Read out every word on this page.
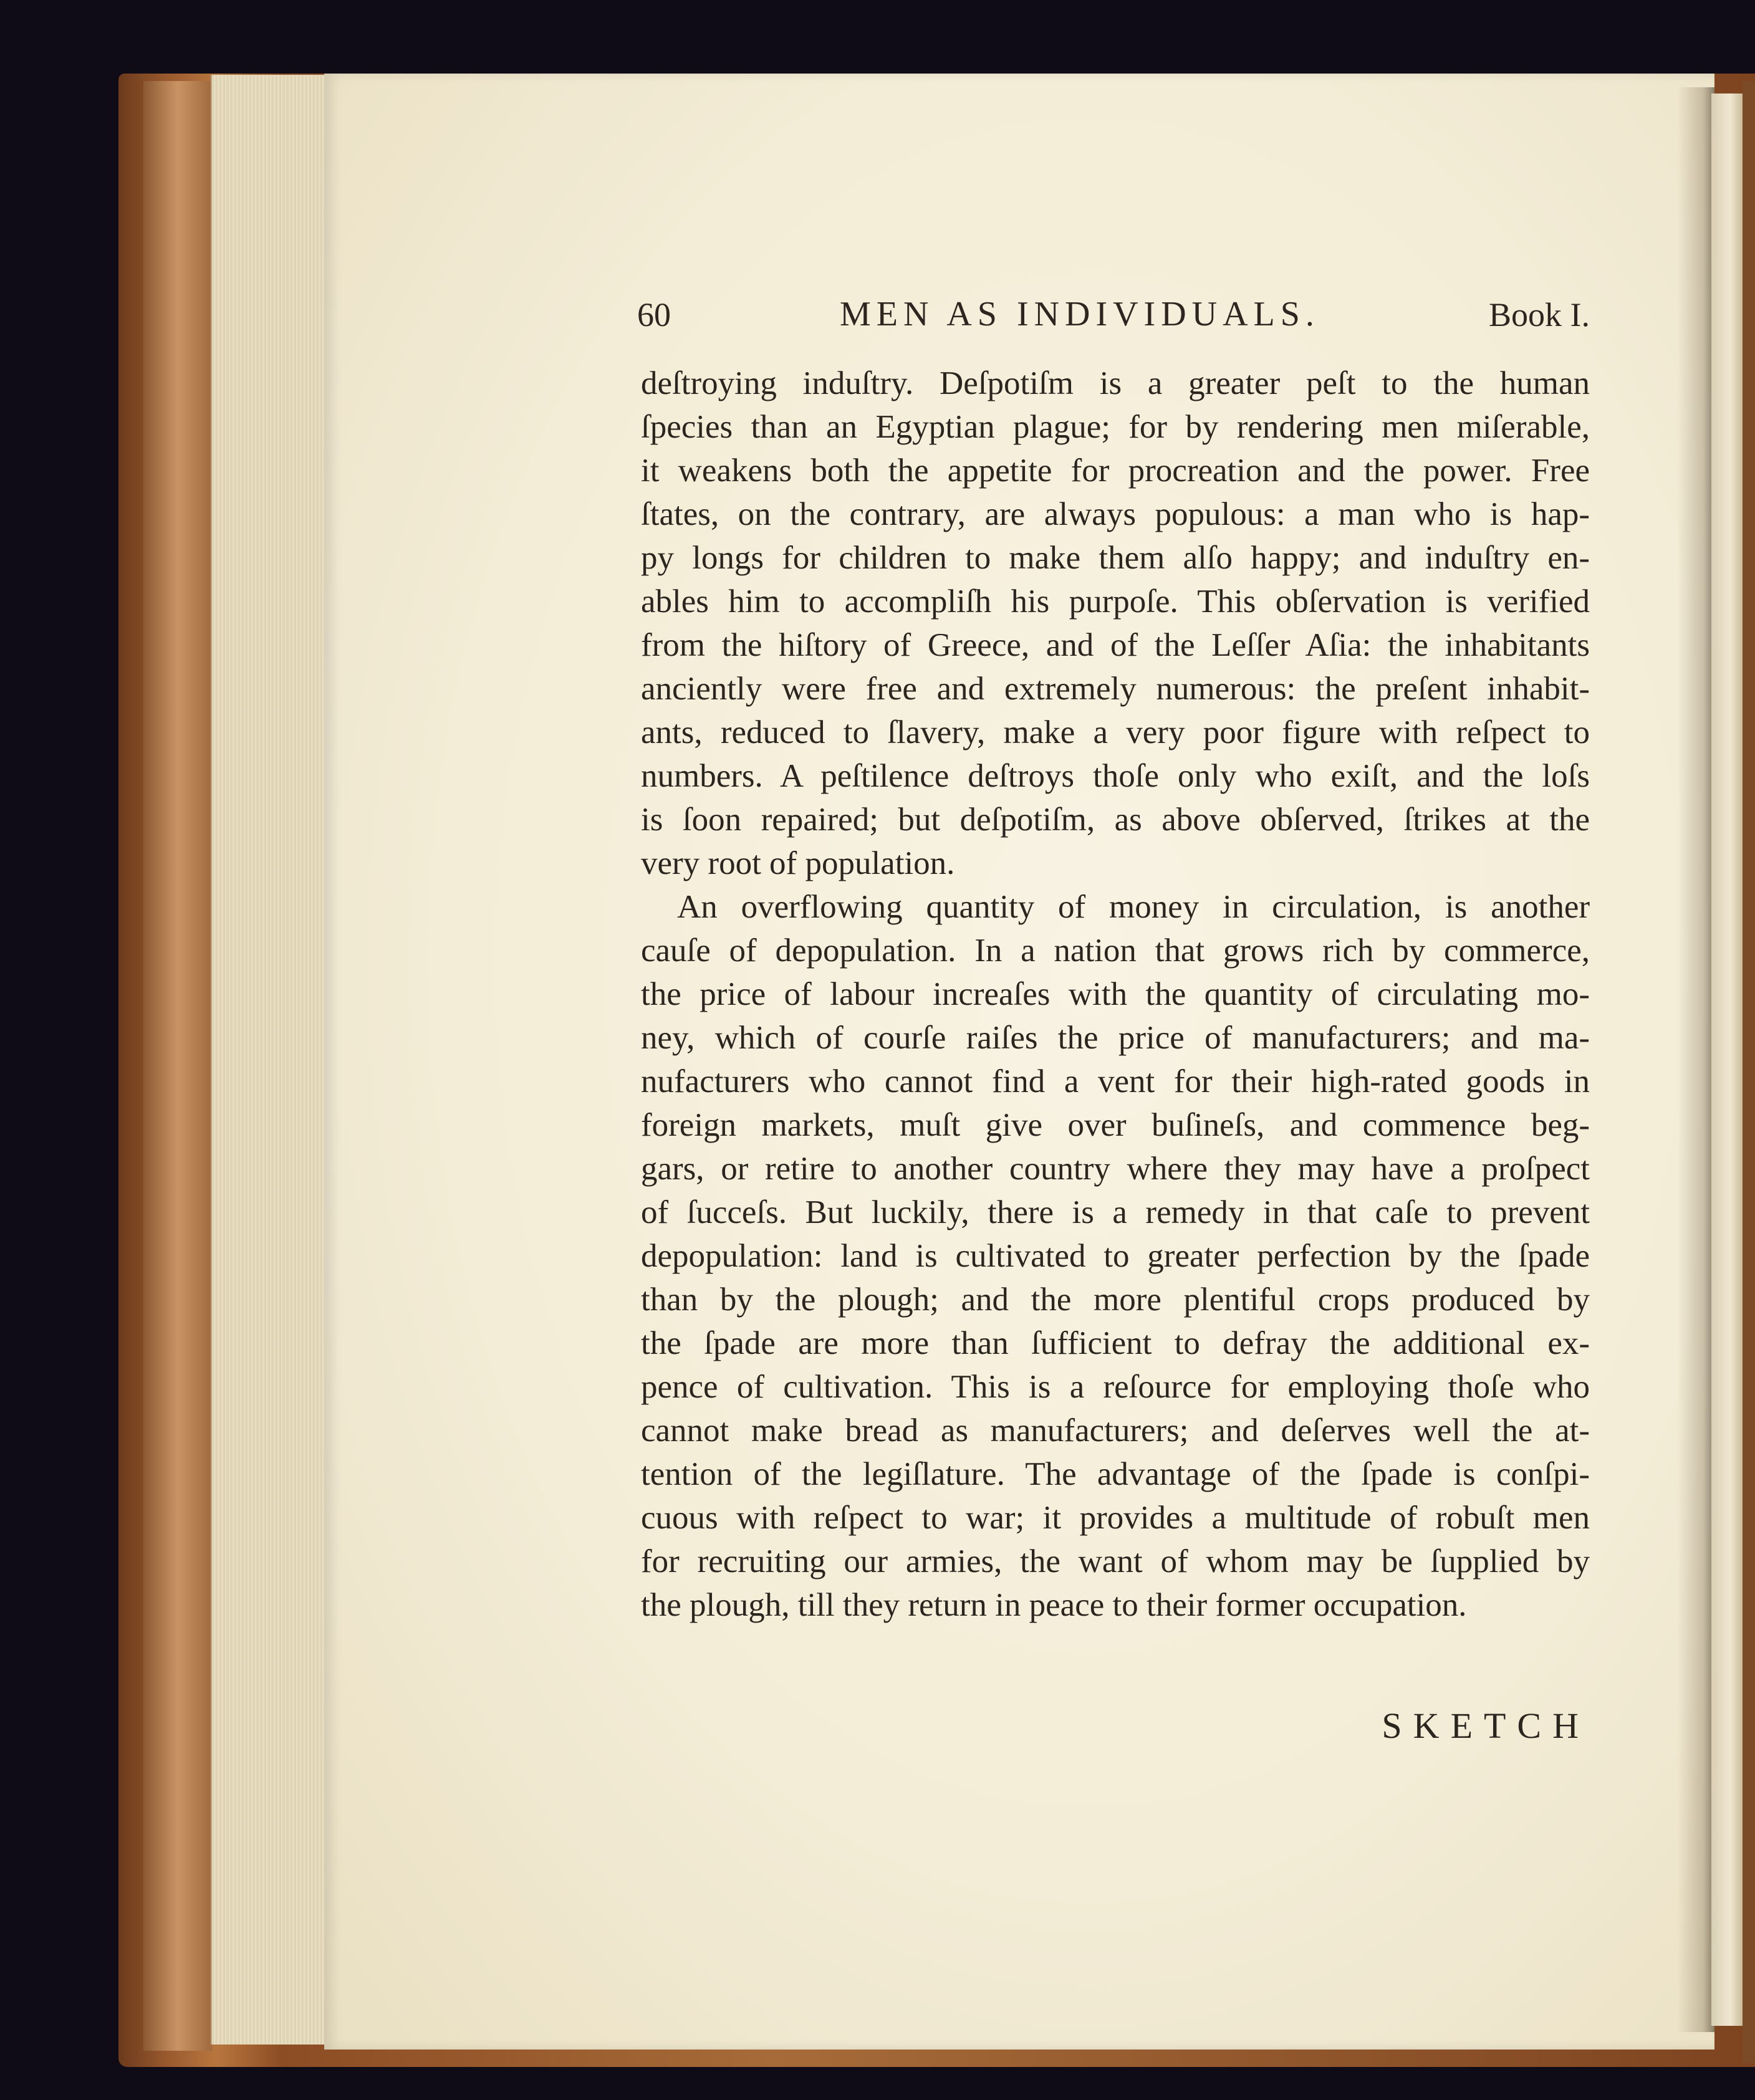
60	MEN AS INDIVIDUALS.	Book I.
deſtroying induſtry. Deſpotiſm is a greater peſt to the human
ſpecies than an Egyptian plague; for by rendering men miſerable,
it weakens both the appetite for procreation and the power. Free
ſtates, on the contrary, are always populous: a man who is hap-
py longs for children to make them alſo happy; and induſtry en-
ables him to accompliſh his purpoſe. This obſervation is verified
from the hiſtory of Greece, and of the Leſſer Aſia: the inhabitants
anciently were free and extremely numerous: the preſent inhabit-
ants, reduced to ſlavery, make a very poor figure with reſpect to
numbers. A peſtilence deſtroys thoſe only who exiſt, and the loſs
is ſoon repaired; but deſpotiſm, as above obſerved, ſtrikes at the
very root of population.
An overflowing quantity of money in circulation, is another
cauſe of depopulation. In a nation that grows rich by commerce,
the price of labour increaſes with the quantity of circulating mo-
ney, which of courſe raiſes the price of manufacturers; and ma-
nufacturers who cannot find a vent for their high-rated goods in
foreign markets, muſt give over buſineſs, and commence beg-
gars, or retire to another country where they may have a proſpect
of ſucceſs. But luckily, there is a remedy in that caſe to prevent
depopulation: land is cultivated to greater perfection by the ſpade
than by the plough; and the more plentiful crops produced by
the ſpade are more than ſufficient to defray the additional ex-
pence of cultivation. This is a reſource for employing thoſe who
cannot make bread as manufacturers; and deſerves well the at-
tention of the legiſlature. The advantage of the ſpade is conſpi-
cuous with reſpect to war; it provides a multitude of robuſt men
for recruiting our armies, the want of whom may be ſupplied by
the plough, till they return in peace to their former occupation.
SKETCH
